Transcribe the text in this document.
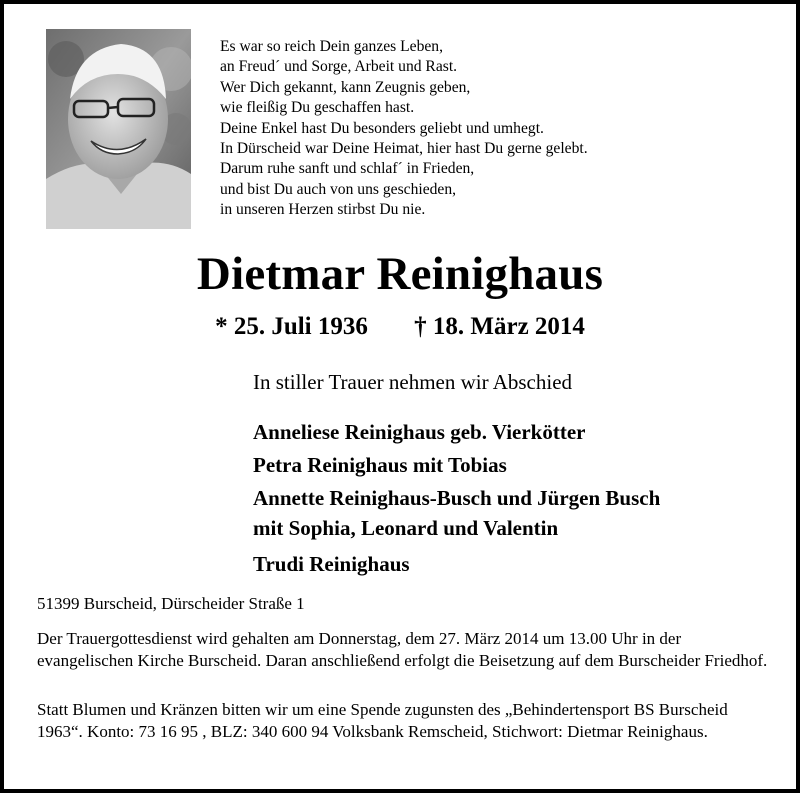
Es war so reich Dein ganzes Leben,
an Freud´ und Sorge, Arbeit und Rast.
Wer Dich gekannt, kann Zeugnis geben,
wie fleißig Du geschaffen hast.
Deine Enkel hast Du besonders geliebt und umhegt.
In Dürscheid war Deine Heimat, hier hast Du gerne gelebt.
Darum ruhe sanft und schlaf´ in Frieden,
und bist Du auch von uns geschieden,
in unseren Herzen stirbst Du nie.
Dietmar Reinighaus
* 25. Juli 1936 † 18. März 2014
In stiller Trauer nehmen wir Abschied
Anneliese Reinighaus geb. Vierkötter
Petra Reinighaus mit Tobias
Annette Reinighaus-Busch und Jürgen Busch
mit Sophia, Leonard und Valentin
Trudi Reinighaus
51399 Burscheid, Dürscheider Straße 1

Der Trauergottesdienst wird gehalten am Donnerstag, dem 27. März 2014 um 13.00 Uhr in der evangelischen Kirche Burscheid. Daran anschließend erfolgt die Beisetzung auf dem Burscheider Friedhof.

Statt Blumen und Kränzen bitten wir um eine Spende zugunsten des „Behindertensport BS Burscheid 1963“. Konto: 73 16 95 , BLZ: 340 600 94 Volksbank Remscheid, Stichwort: Dietmar Reinighaus.
